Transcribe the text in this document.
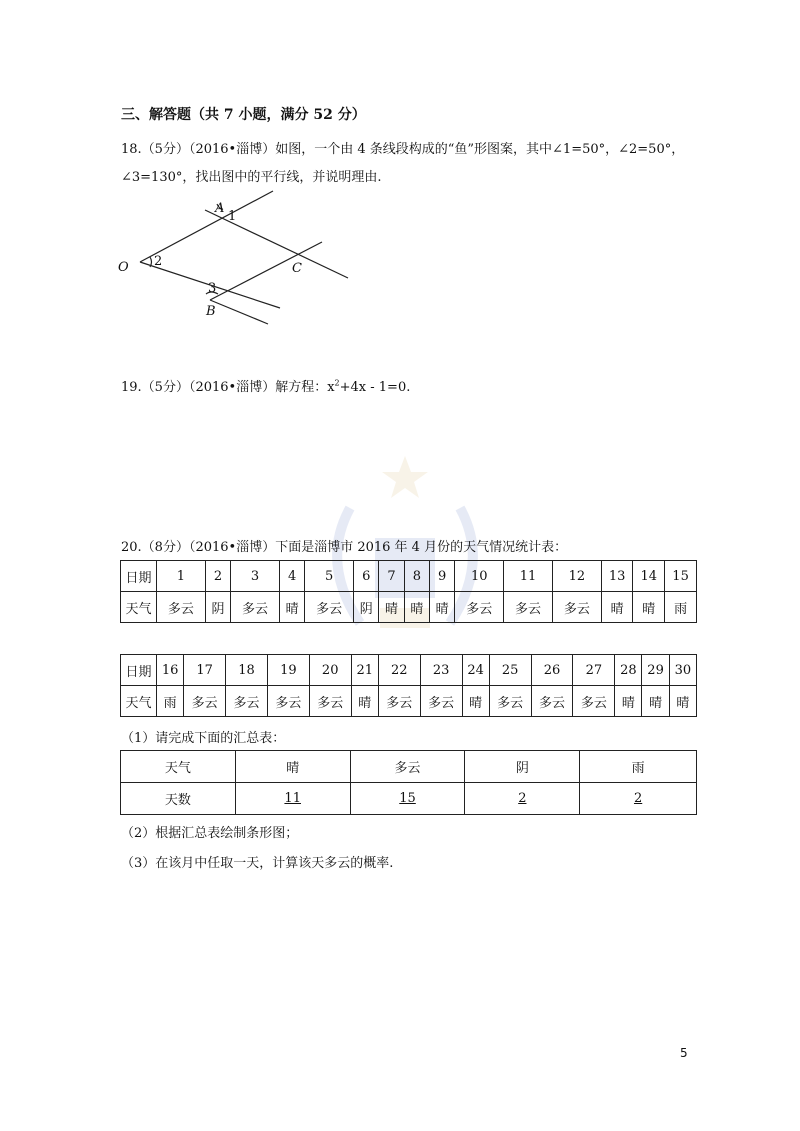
三、解答题（共 7 小题，满分 52 分）
18.（5分）（2016•淄博）如图，一个由 4 条线段构成的“鱼”形图案，其中∠1=50°，∠2=50°，
∠3=130°，找出图中的平行线，并说明理由.
A
1
O 2	C
3
B
19.（5分）（2016•淄博）解方程：$x^2+4x - 1=0$.
20.（8分）（2016•淄博）下面是淄博市 2016 年 4 月份的天气情况统计表：
日期	1	2	3	4	5	6	7	8	9	10	11	12	13	14	15
天气	多云	阴	多云	晴	多云	阴	晴	晴	晴	多云	多云	多云	晴	晴	雨
日期	16	17	18	19	20	21	22	23	24	25	26	27	28	29	30
天气	雨	多云	多云	多云	多云	晴	多云	多云	晴	多云	多云	多云	晴	晴	晴
（1）请完成下面的汇总表：
天气	晴	多云	阴	雨
天数	11	15	2	2
（2）根据汇总表绘制条形图；
（3）在该月中任取一天，计算该天多云的概率.
5
